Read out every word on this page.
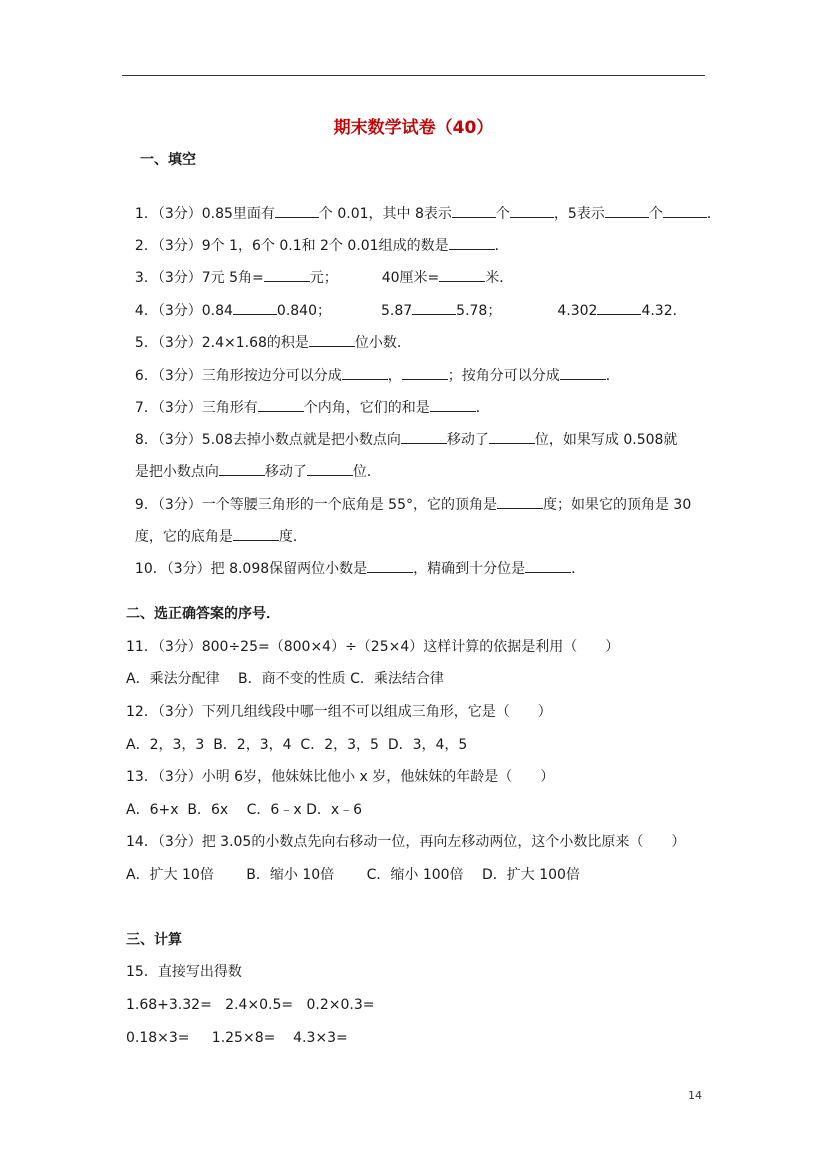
期末数学试卷（40）
一、填空

1．（3分）0.85里面有	个 0.01，其中 8表示	个	，5表示	个	．

2．（3分）9个 1，6个 0.1和 2个 0.01组成的数是	．

3．（3分）7元 5角=	元；	40厘米=	米．

4．（3分）0.84	0.840；	5.87	5.78；	4.302	4.32．

5．（3分）2.4×1.68的积是	位小数．

6．（3分）三角形按边分可以分成	，	；按角分可以分成	．

7．（3分）三角形有	个内角，它们的和是	．

8．（3分）5.08去掉小数点就是把小数点向	移动了	位，如果写成 0.508就

是把小数点向	移动了	位．

9．（3分）一个等腰三角形的一个底角是 55°，它的顶角是	度；如果它的顶角是 30

度，它的底角是	度．

10．（3分）把 8.098保留两位小数是	，精确到十分位是	．

二、选正确答案的序号．
11．（3分）800÷25=（800×4）÷（25×4）这样计算的依据是利用（　　）
A．乘法分配律　 B．商不变的性质 C．乘法结合律
12．（3分）下列几组线段中哪一组不可以组成三角形，它是（　　）
A．2，3，3  B．2，3，4  C．2，3，5  D．3，4，5
13．（3分）小明 6岁，他妹妹比他小 x 岁，他妹妹的年龄是（　　）
A．6+x  B．6x　 C．6﹣x D．x﹣6
14．（3分）把 3.05的小数点先向右移动一位，再向左移动两位，这个小数比原来（　　）
A．扩大 10倍　　 B．缩小 10倍　　 C．缩小 100倍　 D．扩大 100倍
三、计算
15．直接写出得数
1.68+3.32=   2.4×0.5=   0.2×0.3=
0.18×3=     1.25×8=    4.3×3=
14
